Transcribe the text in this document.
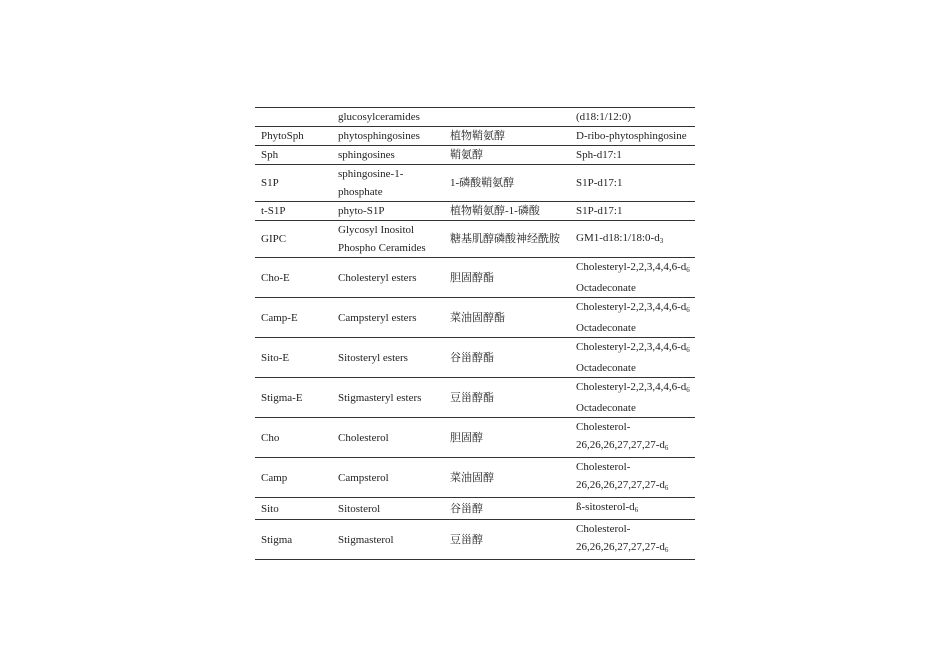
	glucosylceramides		(d18:1/12:0)
PhytoSph	phytosphingosines	植物鞘氨醇	D-ribo-phytosphingosine
Sph	sphingosines	鞘氨醇	Sph-d17:1
S1P	sphingosine-1-phosphate	1-磷酸鞘氨醇	S1P-d17:1
t-S1P	phyto-S1P	植物鞘氨醇-1-磷酸	S1P-d17:1
GIPC	Glycosyl Inositol Phospho Ceramides	糖基肌醇磷酸神经酰胺	$GM1-d18:1/18:0-d_3$
Cho-E	Cholesteryl esters	胆固醇酯	Cholesteryl-$2,2,3,4,4,6-d_6$ Octadeconate
Camp-E	Campsteryl esters	菜油固醇酯	Cholesteryl-$2,2,3,4,4,6-d_6$ Octadeconate
Sito-E	Sitosteryl esters	谷甾醇酯	Cholesteryl-$2,2,3,4,4,6-d_6$ Octadeconate
Stigma-E	Stigmasteryl esters	豆甾醇酯	Cholesteryl-$2,2,3,4,4,6-d_6$ Octadeconate
Cho	Cholesterol	胆固醇	Cholesterol-$26,26,26,27,27,27-d_6$
Camp	Campsterol	菜油固醇	Cholesterol-$26,26,26,27,27,27-d_6$
Sito	Sitosterol	谷甾醇	$ß-sitosterol-d_6$
Stigma	Stigmasterol	豆甾醇	Cholesterol-$26,26,26,27,27,27-d_6$
